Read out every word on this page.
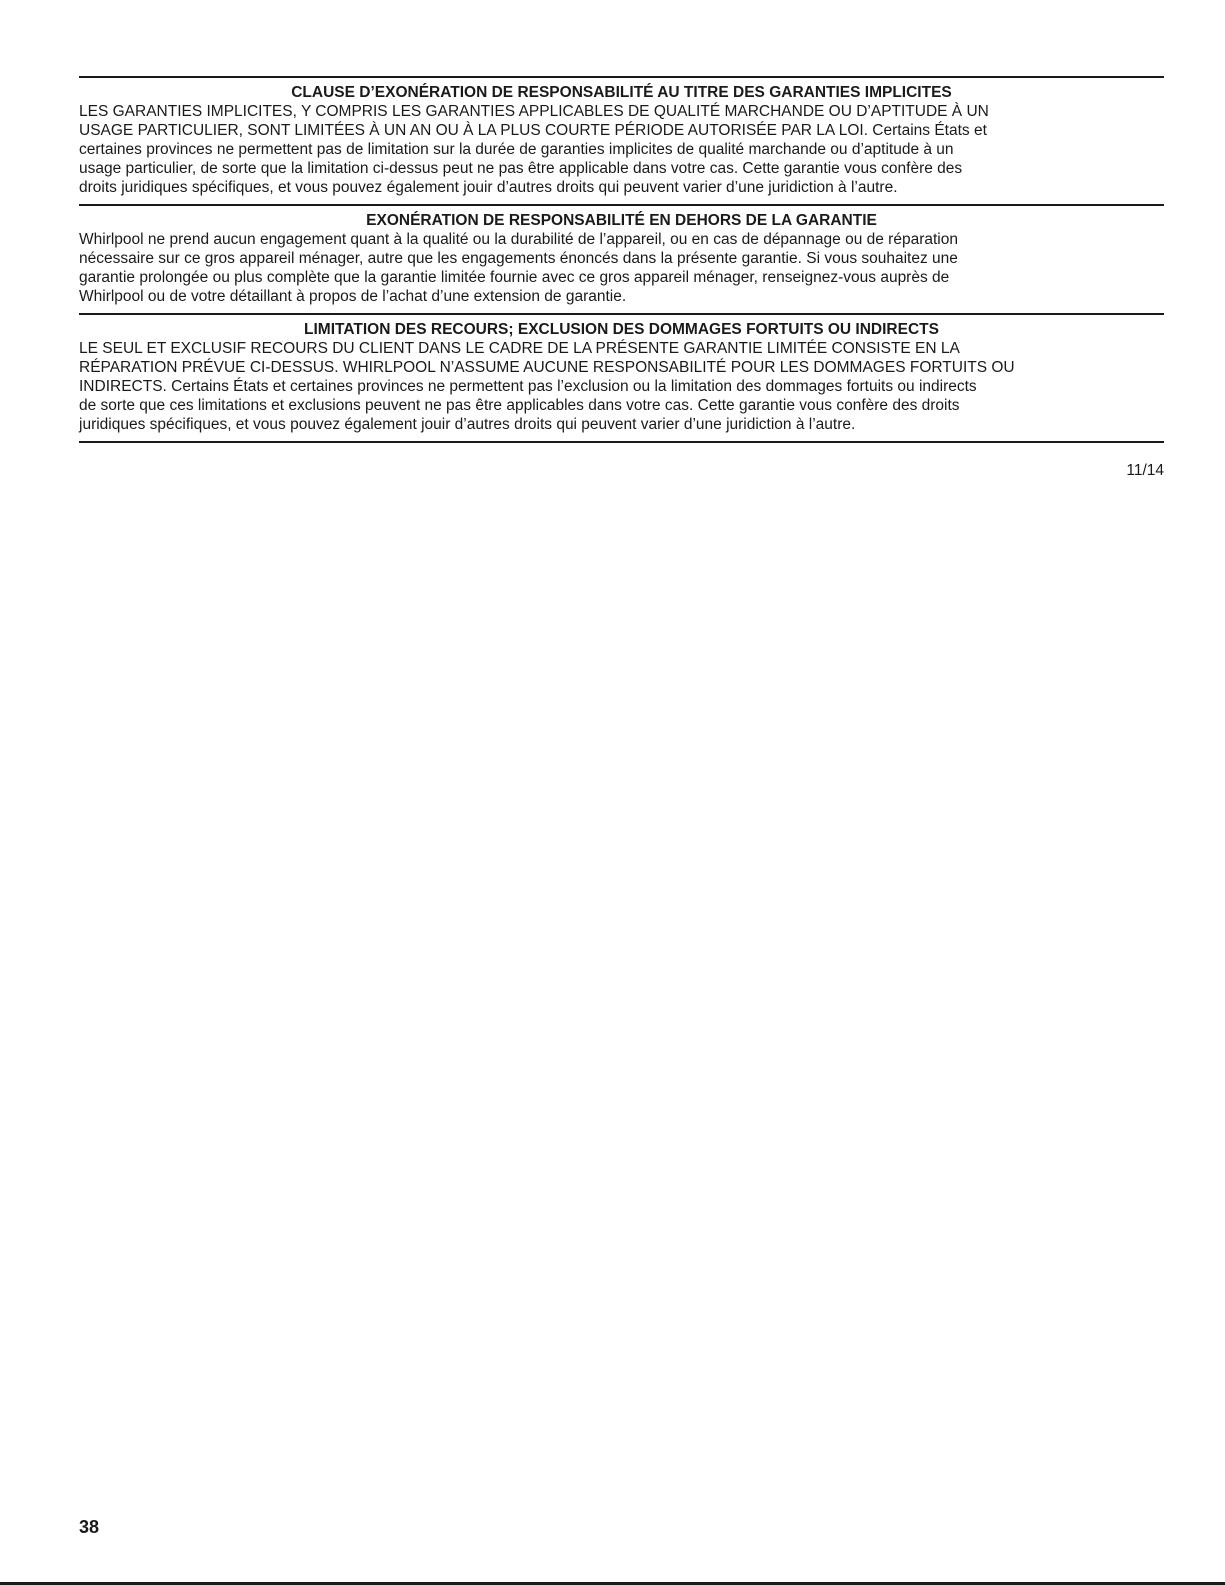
CLAUSE D’EXONÉRATION DE RESPONSABILITÉ AU TITRE DES GARANTIES IMPLICITES

LES GARANTIES IMPLICITES, Y COMPRIS LES GARANTIES APPLICABLES DE QUALITÉ MARCHANDE OU D’APTITUDE À UN
USAGE PARTICULIER, SONT LIMITÉES À UN AN OU À LA PLUS COURTE PÉRIODE AUTORISÉE PAR LA LOI. Certains États et
certaines provinces ne permettent pas de limitation sur la durée de garanties implicites de qualité marchande ou d’aptitude à un
usage particulier, de sorte que la limitation ci-dessus peut ne pas être applicable dans votre cas. Cette garantie vous confère des
droits juridiques spécifiques, et vous pouvez également jouir d’autres droits qui peuvent varier d’une juridiction à l’autre.

EXONÉRATION DE RESPONSABILITÉ EN DEHORS DE LA GARANTIE

Whirlpool ne prend aucun engagement quant à la qualité ou la durabilité de l’appareil, ou en cas de dépannage ou de réparation
nécessaire sur ce gros appareil ménager, autre que les engagements énoncés dans la présente garantie. Si vous souhaitez une
garantie prolongée ou plus complète que la garantie limitée fournie avec ce gros appareil ménager, renseignez-vous auprès de
Whirlpool ou de votre détaillant à propos de l’achat d’une extension de garantie.

LIMITATION DES RECOURS; EXCLUSION DES DOMMAGES FORTUITS OU INDIRECTS

LE SEUL ET EXCLUSIF RECOURS DU CLIENT DANS LE CADRE DE LA PRÉSENTE GARANTIE LIMITÉE CONSISTE EN LA
RÉPARATION PRÉVUE CI-DESSUS. WHIRLPOOL N’ASSUME AUCUNE RESPONSABILITÉ POUR LES DOMMAGES FORTUITS OU
INDIRECTS. Certains États et certaines provinces ne permettent pas l’exclusion ou la limitation des dommages fortuits ou indirects
de sorte que ces limitations et exclusions peuvent ne pas être applicables dans votre cas. Cette garantie vous confère des droits
juridiques spécifiques, et vous pouvez également jouir d’autres droits qui peuvent varier d’une juridiction à l’autre.

11/14
38
